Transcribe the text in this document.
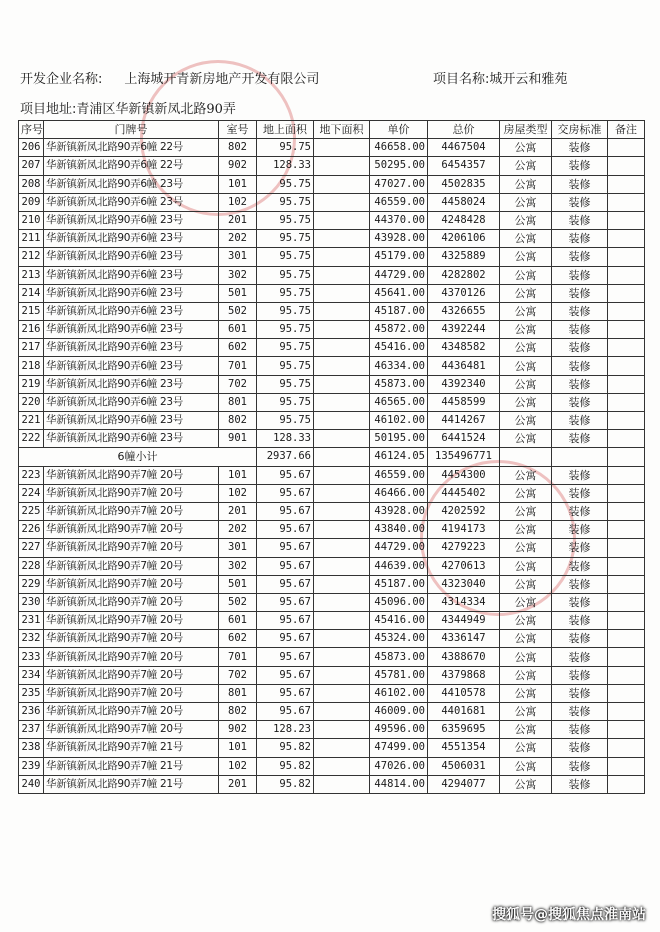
开发企业名称: 上海城开青新房地产开发有限公司	项目名称:城开云和雅苑
项目地址:青浦区华新镇新凤北路90弄
序号	门牌号	室号	地上面积	地下面积	单价	总价	房屋类型	交房标准	备注
206	华新镇新凤北路90弄6幢 22号	802	95.75		46658.00	4467504	公寓	装修	
207	华新镇新凤北路90弄6幢 22号	902	128.33		50295.00	6454357	公寓	装修	
208	华新镇新凤北路90弄6幢 23号	101	95.75		47027.00	4502835	公寓	装修	
209	华新镇新凤北路90弄6幢 23号	102	95.75		46559.00	4458024	公寓	装修	
210	华新镇新凤北路90弄6幢 23号	201	95.75		44370.00	4248428	公寓	装修	
211	华新镇新凤北路90弄6幢 23号	202	95.75		43928.00	4206106	公寓	装修	
212	华新镇新凤北路90弄6幢 23号	301	95.75		45179.00	4325889	公寓	装修	
213	华新镇新凤北路90弄6幢 23号	302	95.75		44729.00	4282802	公寓	装修	
214	华新镇新凤北路90弄6幢 23号	501	95.75		45641.00	4370126	公寓	装修	
215	华新镇新凤北路90弄6幢 23号	502	95.75		45187.00	4326655	公寓	装修	
216	华新镇新凤北路90弄6幢 23号	601	95.75		45872.00	4392244	公寓	装修	
217	华新镇新凤北路90弄6幢 23号	602	95.75		45416.00	4348582	公寓	装修	
218	华新镇新凤北路90弄6幢 23号	701	95.75		46334.00	4436481	公寓	装修	
219	华新镇新凤北路90弄6幢 23号	702	95.75		45873.00	4392340	公寓	装修	
220	华新镇新凤北路90弄6幢 23号	801	95.75		46565.00	4458599	公寓	装修	
221	华新镇新凤北路90弄6幢 23号	802	95.75		46102.00	4414267	公寓	装修	
222	华新镇新凤北路90弄6幢 23号	901	128.33		50195.00	6441524	公寓	装修	
6幢小计			2937.66		46124.05	135496771			
223	华新镇新凤北路90弄7幢 20号	101	95.67		46559.00	4454300	公寓	装修	
224	华新镇新凤北路90弄7幢 20号	102	95.67		46466.00	4445402	公寓	装修	
225	华新镇新凤北路90弄7幢 20号	201	95.67		43928.00	4202592	公寓	装修	
226	华新镇新凤北路90弄7幢 20号	202	95.67		43840.00	4194173	公寓	装修	
227	华新镇新凤北路90弄7幢 20号	301	95.67		44729.00	4279223	公寓	装修	
228	华新镇新凤北路90弄7幢 20号	302	95.67		44639.00	4270613	公寓	装修	
229	华新镇新凤北路90弄7幢 20号	501	95.67		45187.00	4323040	公寓	装修	
230	华新镇新凤北路90弄7幢 20号	502	95.67		45096.00	4314334	公寓	装修	
231	华新镇新凤北路90弄7幢 20号	601	95.67		45416.00	4344949	公寓	装修	
232	华新镇新凤北路90弄7幢 20号	602	95.67		45324.00	4336147	公寓	装修	
233	华新镇新凤北路90弄7幢 20号	701	95.67		45873.00	4388670	公寓	装修	
234	华新镇新凤北路90弄7幢 20号	702	95.67		45781.00	4379868	公寓	装修	
235	华新镇新凤北路90弄7幢 20号	801	95.67		46102.00	4410578	公寓	装修	
236	华新镇新凤北路90弄7幢 20号	802	95.67		46009.00	4401681	公寓	装修	
237	华新镇新凤北路90弄7幢 20号	902	128.23		49596.00	6359695	公寓	装修	
238	华新镇新凤北路90弄7幢 21号	101	95.82		47499.00	4551354	公寓	装修	
239	华新镇新凤北路90弄7幢 21号	102	95.82		47026.00	4506031	公寓	装修	
240	华新镇新凤北路90弄7幢 21号	201	95.82		44814.00	4294077	公寓	装修	
搜狐号@搜狐焦点淮南站
